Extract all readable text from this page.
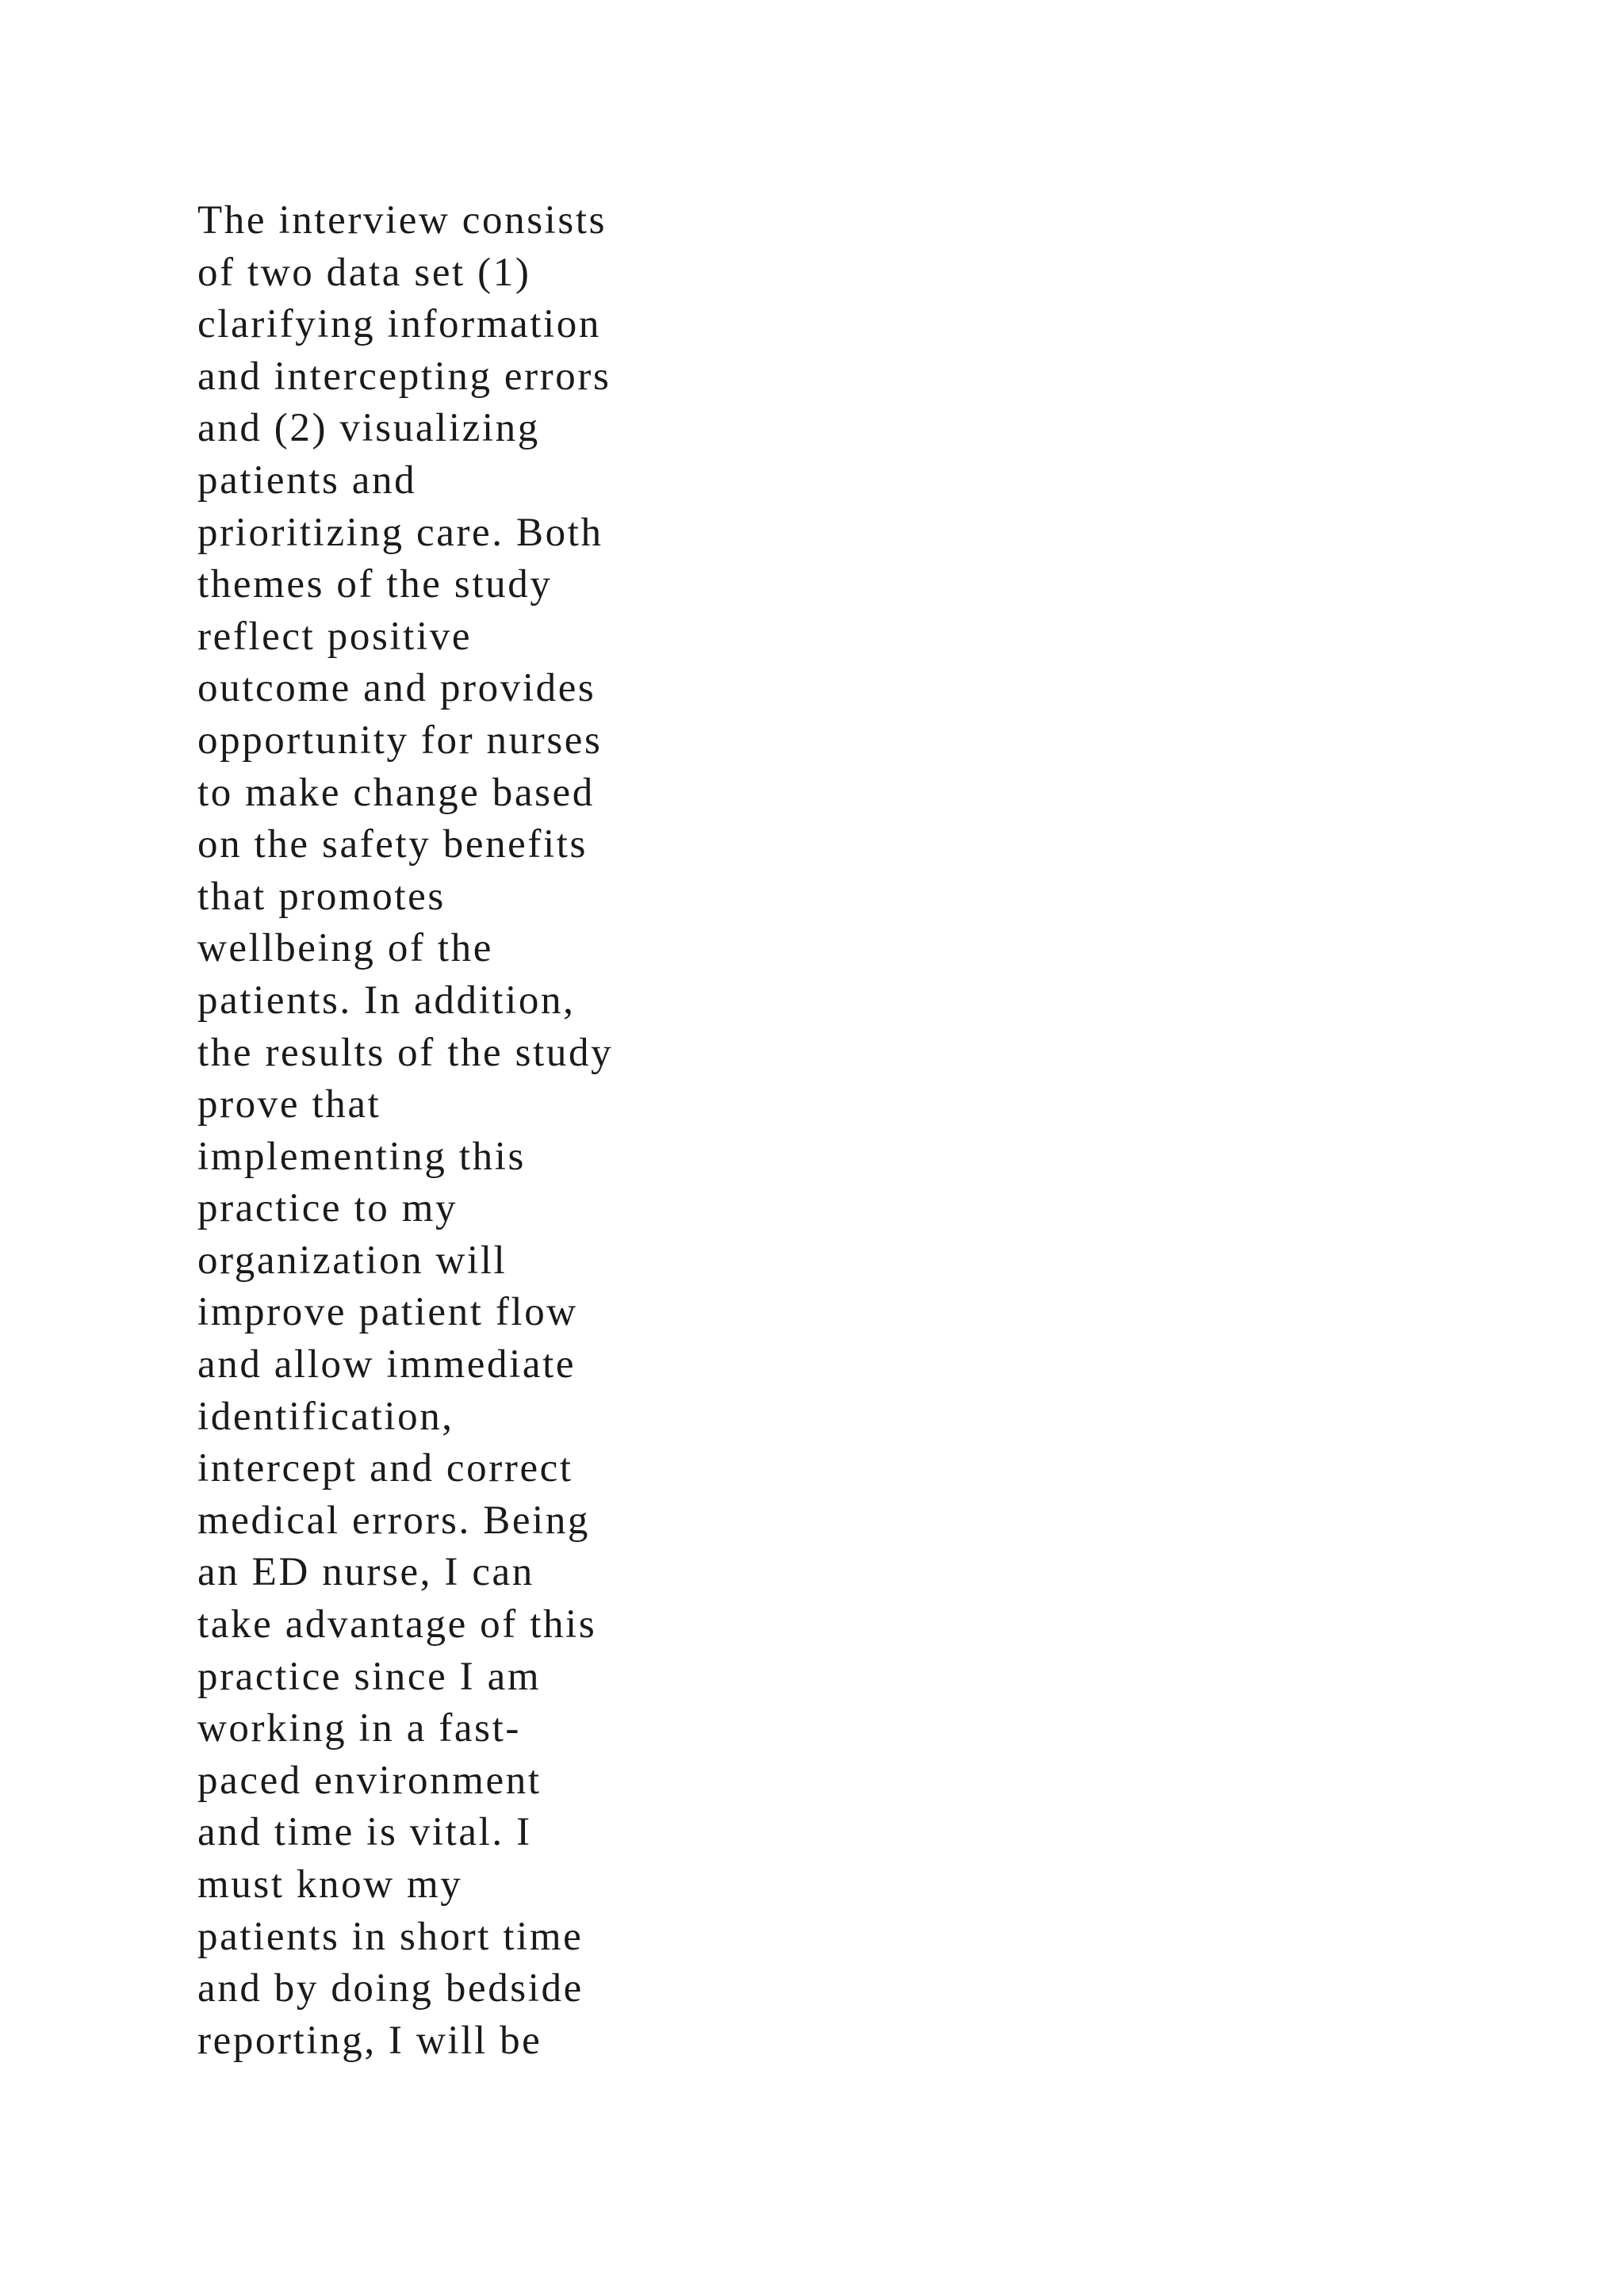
The interview consists
of two data set (1)
clarifying information
and intercepting errors
and (2) visualizing
patients and
prioritizing care. Both
themes of the study
reflect positive
outcome and provides
opportunity for nurses
to make change based
on the safety benefits
that promotes
wellbeing of the
patients. In addition,
the results of the study
prove that
implementing this
practice to my
organization will
improve patient flow
and allow immediate
identification,
intercept and correct
medical errors. Being
an ED nurse, I can
take advantage of this
practice since I am
working in a fast-
paced environment
and time is vital. I
must know my
patients in short time
and by doing bedside
reporting, I will be
